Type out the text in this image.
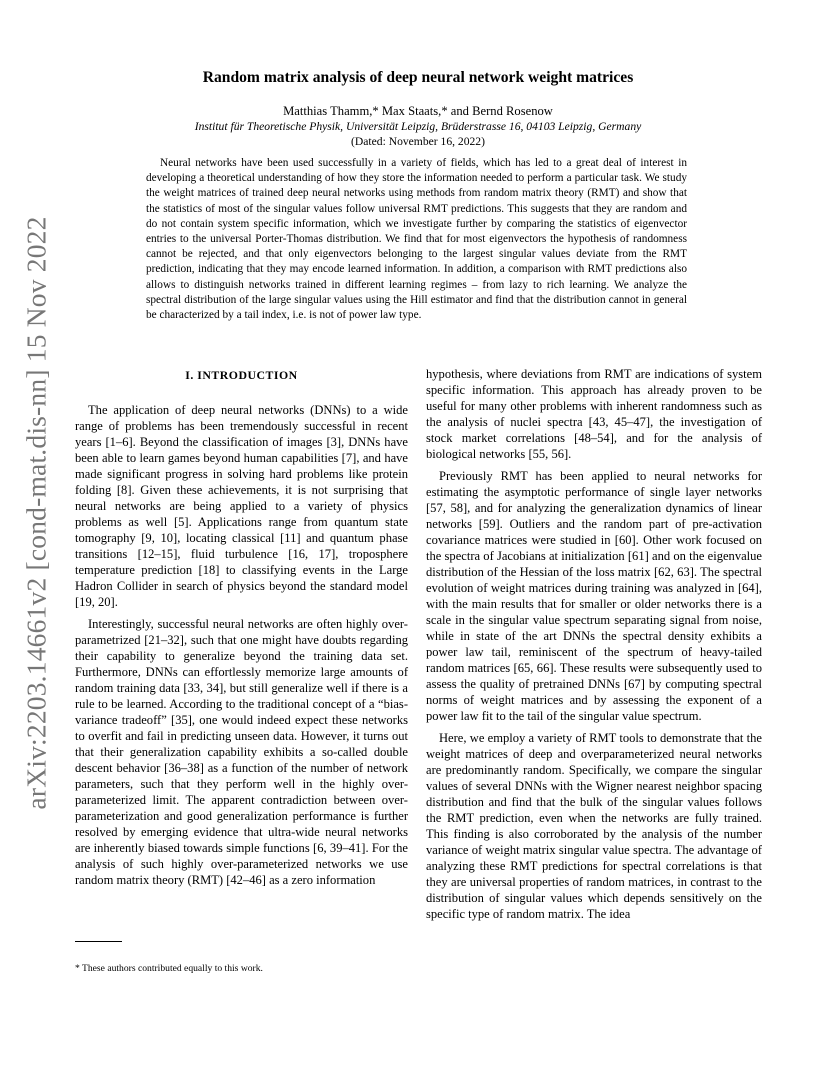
arXiv:2203.14661v2 [cond-mat.dis-nn] 15 Nov 2022
Random matrix analysis of deep neural network weight matrices
Matthias Thamm,* Max Staats,* and Bernd Rosenow
Institut für Theoretische Physik, Universität Leipzig, Brüderstrasse 16, 04103 Leipzig, Germany
(Dated: November 16, 2022)

Neural networks have been used successfully in a variety of fields, which has led to a great deal of interest in developing a theoretical understanding of how they store the information needed to perform a particular task. We study the weight matrices of trained deep neural networks using methods from random matrix theory (RMT) and show that the statistics of most of the singular values follow universal RMT predictions. This suggests that they are random and do not contain system specific information, which we investigate further by comparing the statistics of eigenvector entries to the universal Porter-Thomas distribution. We find that for most eigenvectors the hypothesis of randomness cannot be rejected, and that only eigenvectors belonging to the largest singular values deviate from the RMT prediction, indicating that they may encode learned information. In addition, a comparison with RMT predictions also allows to distinguish networks trained in different learning regimes – from lazy to rich learning. We analyze the spectral distribution of the large singular values using the Hill estimator and find that the distribution cannot in general be characterized by a tail index, i.e. is not of power law type.

I. INTRODUCTION

The application of deep neural networks (DNNs) to a wide range of problems has been tremendously successful in recent years [1–6]. Beyond the classification of images [3], DNNs have been able to learn games beyond human capabilities [7], and have made significant progress in solving hard problems like protein folding [8]. Given these achievements, it is not surprising that neural networks are being applied to a variety of physics problems as well [5]. Applications range from quantum state tomography [9, 10], locating classical [11] and quantum phase transitions [12–15], fluid turbulence [16, 17], troposphere temperature prediction [18] to classifying events in the Large Hadron Collider in search of physics beyond the standard model [19, 20].

Interestingly, successful neural networks are often highly over-parametrized [21–32], such that one might have doubts regarding their capability to generalize beyond the training data set. Furthermore, DNNs can effortlessly memorize large amounts of random training data [33, 34], but still generalize well if there is a rule to be learned. According to the traditional concept of a “bias-variance tradeoff” [35], one would indeed expect these networks to overfit and fail in predicting unseen data. However, it turns out that their generalization capability exhibits a so-called double descent behavior [36–38] as a function of the number of network parameters, such that they perform well in the highly over-parameterized limit. The apparent contradiction between over-parameterization and good generalization performance is further resolved by emerging evidence that ultra-wide neural networks are inherently biased towards simple functions [6, 39–41]. For the analysis of such highly over-parameterized networks we use random matrix theory (RMT) [42–46] as a zero information

hypothesis, where deviations from RMT are indications of system specific information. This approach has already proven to be useful for many other problems with inherent randomness such as the analysis of nuclei spectra [43, 45–47], the investigation of stock market correlations [48–54], and for the analysis of biological networks [55, 56].

Previously RMT has been applied to neural networks for estimating the asymptotic performance of single layer networks [57, 58], and for analyzing the generalization dynamics of linear networks [59]. Outliers and the random part of pre-activation covariance matrices were studied in [60]. Other work focused on the spectra of Jacobians at initialization [61] and on the eigenvalue distribution of the Hessian of the loss matrix [62, 63]. The spectral evolution of weight matrices during training was analyzed in [64], with the main results that for smaller or older networks there is a scale in the singular value spectrum separating signal from noise, while in state of the art DNNs the spectral density exhibits a power law tail, reminiscent of the spectrum of heavy-tailed random matrices [65, 66]. These results were subsequently used to assess the quality of pretrained DNNs [67] by computing spectral norms of weight matrices and by assessing the exponent of a power law fit to the tail of the singular value spectrum.

Here, we employ a variety of RMT tools to demonstrate that the weight matrices of deep and overparameterized neural networks are predominantly random. Specifically, we compare the singular values of several DNNs with the Wigner nearest neighbor spacing distribution and find that the bulk of the singular values follows the RMT prediction, even when the networks are fully trained. This finding is also corroborated by the analysis of the number variance of weight matrix singular value spectra. The advantage of analyzing these RMT predictions for spectral correlations is that they are universal properties of random matrices, in contrast to the distribution of singular values which depends sensitively on the specific type of random matrix. The idea

* These authors contributed equally to this work.
